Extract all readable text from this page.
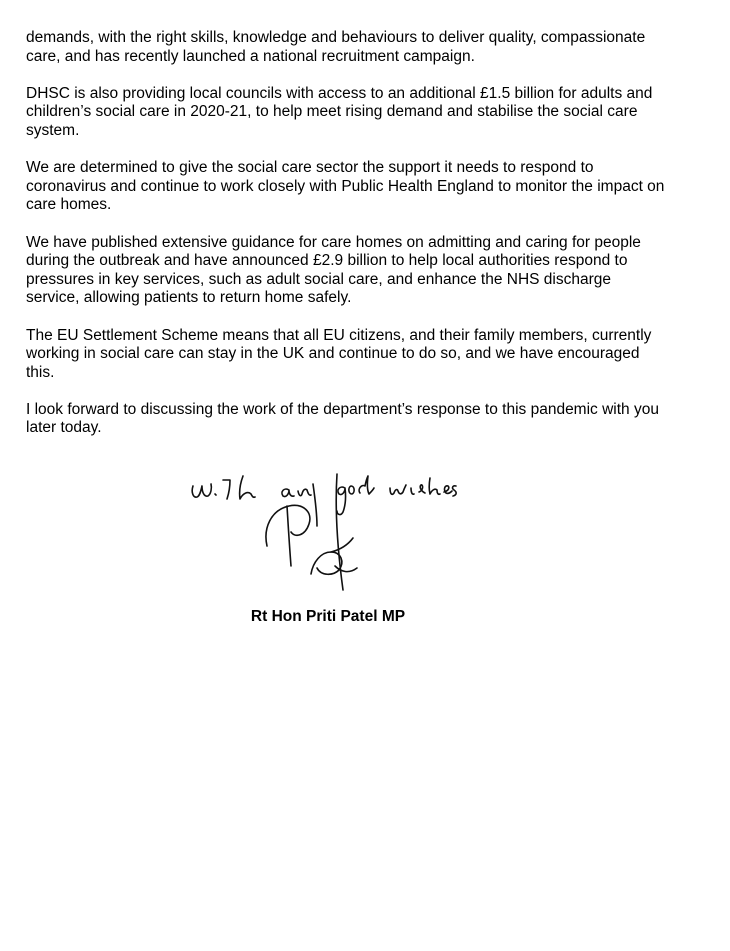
demands, with the right skills, knowledge and behaviours to deliver quality, compassionate care, and has recently launched a national recruitment campaign.

DHSC is also providing local councils with access to an additional £1.5 billion for adults and children’s social care in 2020-21, to help meet rising demand and stabilise the social care system.

We are determined to give the social care sector the support it needs to respond to coronavirus and continue to work closely with Public Health England to monitor the impact on care homes.

We have published extensive guidance for care homes on admitting and caring for people during the outbreak and have announced £2.9 billion to help local authorities respond to pressures in key services, such as adult social care, and enhance the NHS discharge service, allowing patients to return home safely.

The EU Settlement Scheme means that all EU citizens, and their family members, currently working in social care can stay in the UK and continue to do so, and we have encouraged this.

I look forward to discussing the work of the department’s response to this pandemic with you later today.

Rt Hon Priti Patel MP
